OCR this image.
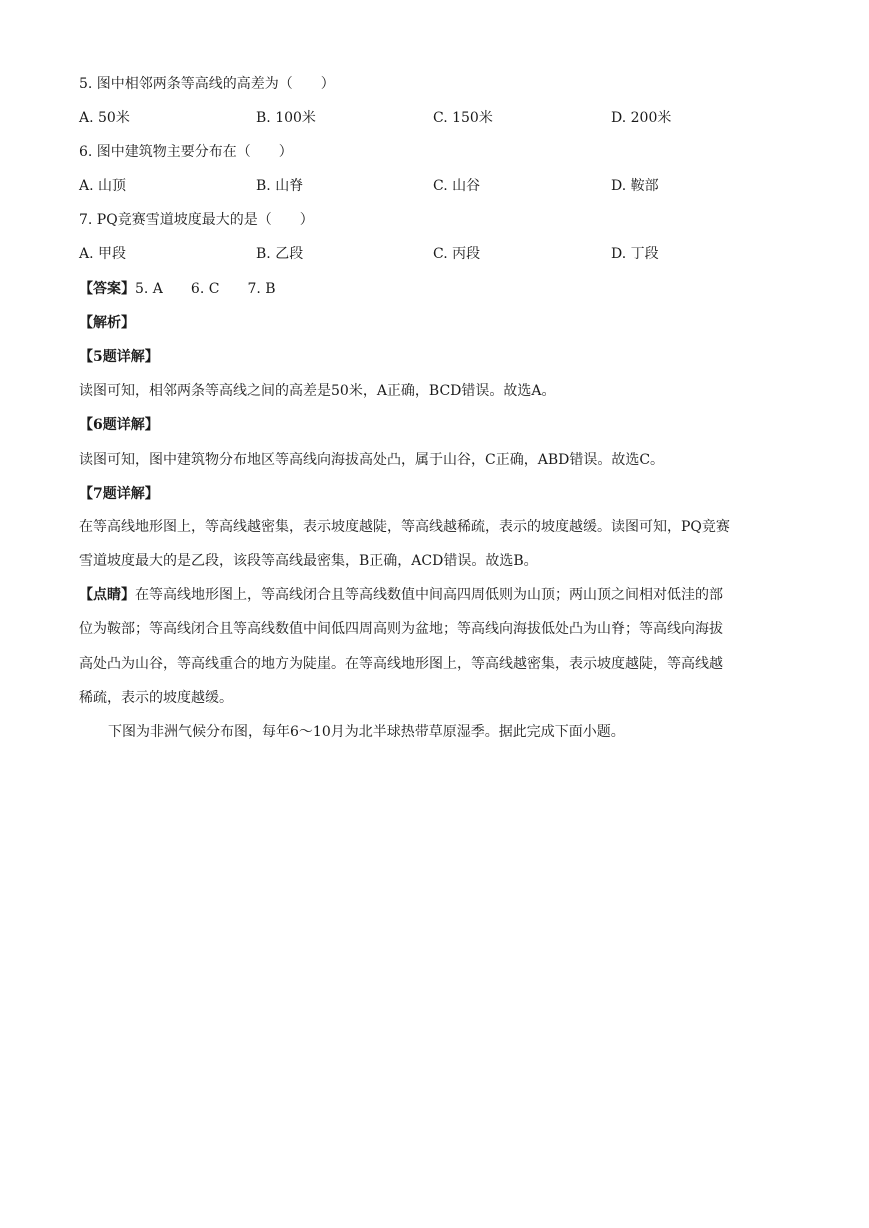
5. 图中相邻两条等高线的高差为（　　）
A. 50米	B. 100米	C. 150米	D. 200米
6. 图中建筑物主要分布在（　　）
A. 山顶	B. 山脊	C. 山谷	D. 鞍部
7. PQ竞赛雪道坡度最大的是（　　）
A. 甲段	B. 乙段	C. 丙段	D. 丁段
【答案】5. A 6. C 7. B
【解析】
【5题详解】
读图可知，相邻两条等高线之间的高差是50米，A正确，BCD错误。故选A。
【6题详解】
读图可知，图中建筑物分布地区等高线向海拔高处凸，属于山谷，C正确，ABD错误。故选C。
【7题详解】
在等高线地形图上，等高线越密集，表示坡度越陡，等高线越稀疏，表示的坡度越缓。读图可知，PQ竞赛
雪道坡度最大的是乙段，该段等高线最密集，B正确，ACD错误。故选B。
【点睛】在等高线地形图上，等高线闭合且等高线数值中间高四周低则为山顶；两山顶之间相对低洼的部
位为鞍部；等高线闭合且等高线数值中间低四周高则为盆地；等高线向海拔低处凸为山脊；等高线向海拔
高处凸为山谷，等高线重合的地方为陡崖。在等高线地形图上，等高线越密集，表示坡度越陡，等高线越
稀疏，表示的坡度越缓。
下图为非洲气候分布图，每年6～10月为北半球热带草原湿季。据此完成下面小题。
